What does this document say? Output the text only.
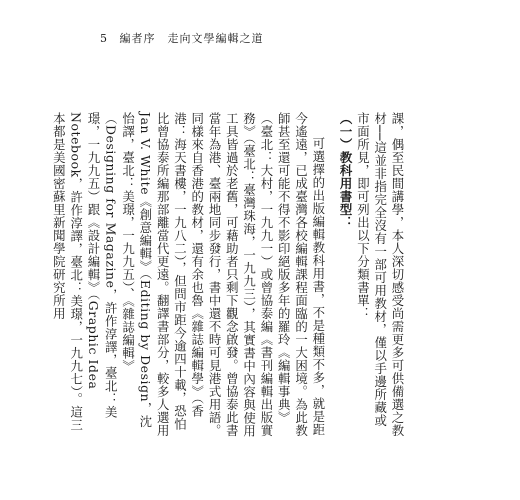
5 編者序　走向文學編輯之道

課，偶至民間講學，本人深切感受尚需更多可供備選之教材──這並非指完全沒有一部可用教材，僅以手邊所藏或市面所見，即可列出以下分類書單：

（一）教科用書型：

可選擇的出版編輯教科用書，不是種類不多，就是距今遙遠，已成臺灣各校編輯課程面臨的一大困境。為此教師甚至還可能不得不影印絕版多年的羅玲《編輯事典》（臺北：大村，一九九一）或曾協泰編《書刊編輯出版實務》（臺北：臺灣珠海，一九九三），其實書中內容與使用工具皆過於老舊，可藉助者只剩下觀念啟發。曾協泰此書當年為港、臺兩地同步發行，書中還不時可見港式用語。同樣來自香港的教材，還有余也魯《雜誌編輯學》（香港：海天書樓，一九八二），但問市距今逾四十載，恐怕比曾協泰所編那部離當代更遠。翻譯書部分，較多人選用Jan V. White《創意編輯》（Editing by Design，沈怡譯，臺北：美璟，一九九五）、《雜誌編輯》（Designing for Magazine，許作淳譯，臺北：美璟，一九九五）跟《設計編輯》（Graphic Idea Notebook，許作淳譯，臺北：美璟，一九九七）。這三本都是美國密蘇里新聞學院研究所用
